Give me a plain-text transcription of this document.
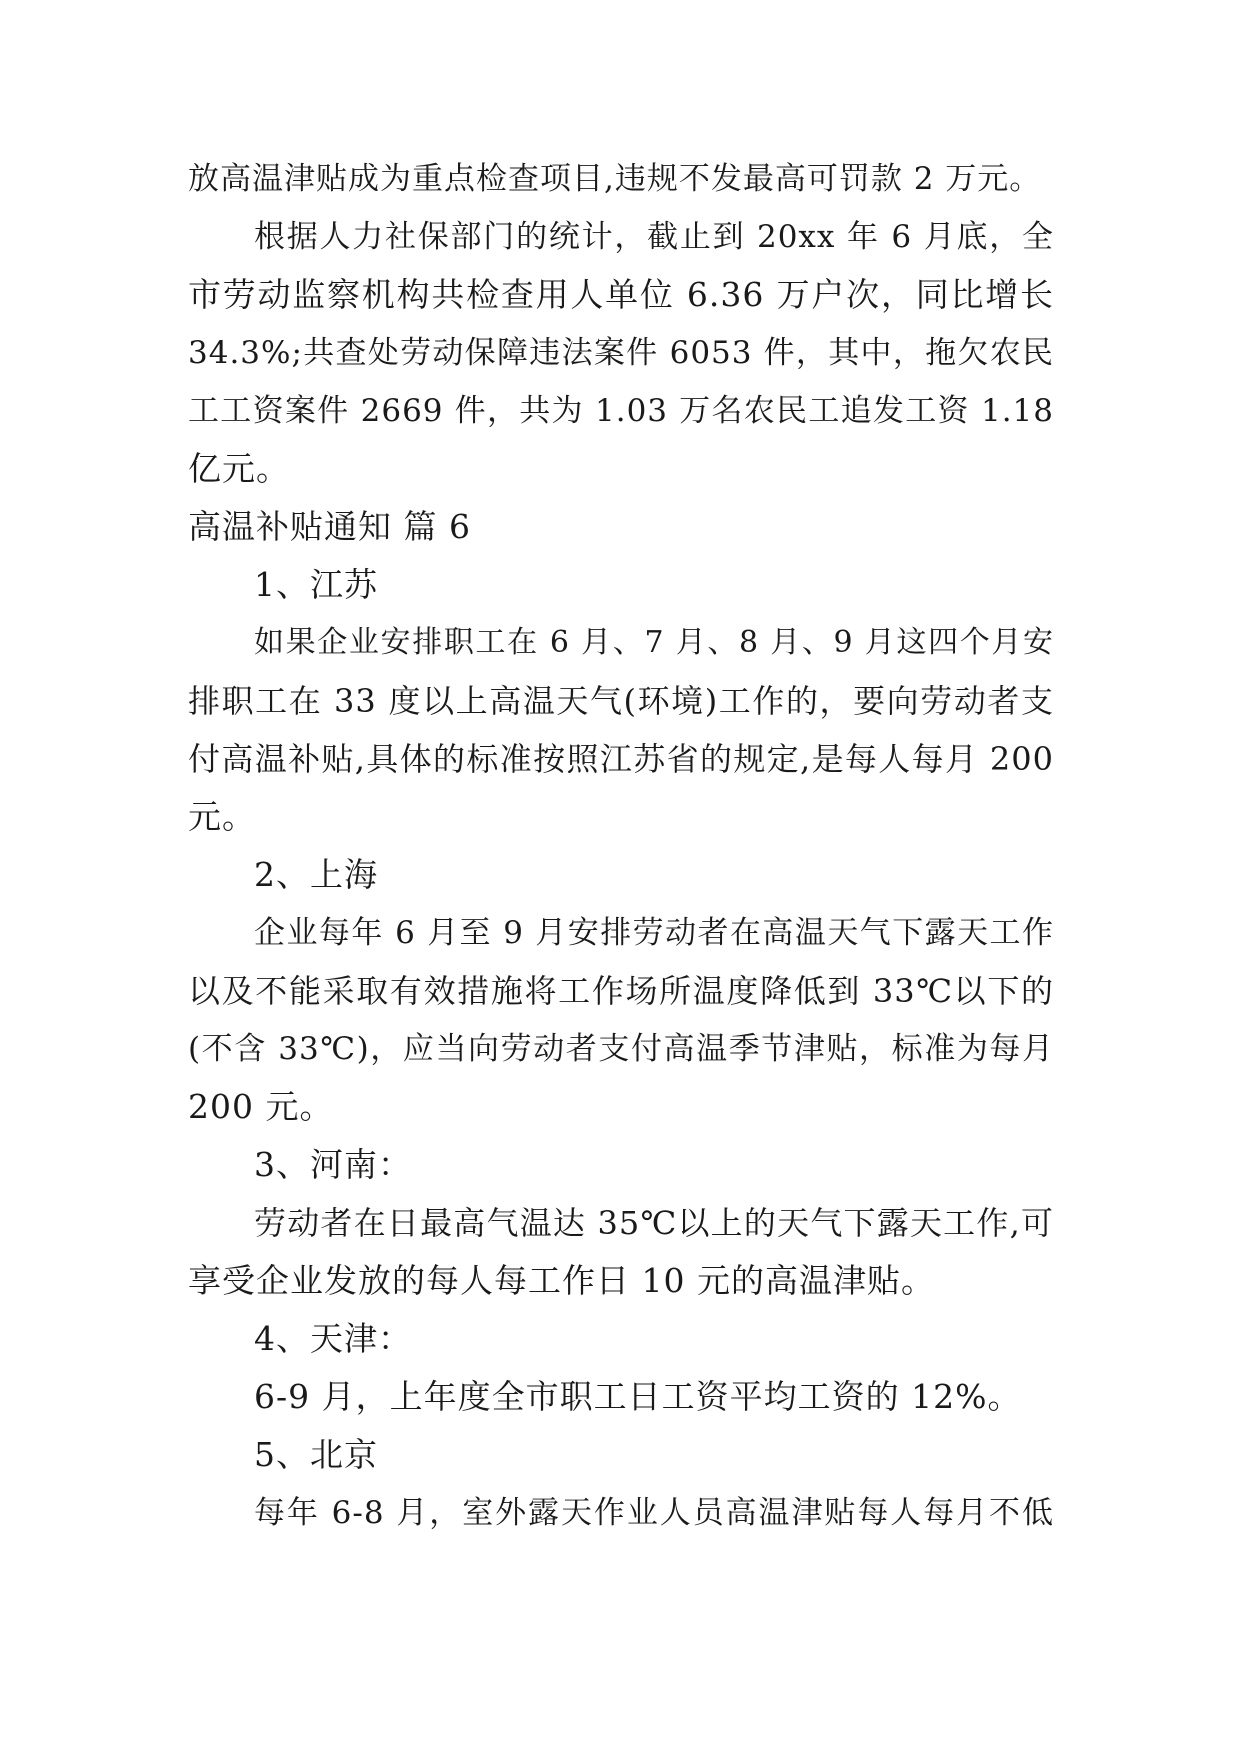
放高温津贴成为重点检查项目,违规不发最高可罚款 2 万元。
根据人力社保部门的统计，截止到 20xx 年 6 月底，全
市劳动监察机构共检查用人单位 6.36 万户次，同比增长
34.3%;共查处劳动保障违法案件 6053 件，其中，拖欠农民
工工资案件 2669 件，共为 1.03 万名农民工追发工资 1.18
亿元。
高温补贴通知 篇 6
1、江苏
如果企业安排职工在 6 月、7 月、8 月、9 月这四个月安
排职工在 33 度以上高温天气(环境)工作的，要向劳动者支
付高温补贴,具体的标准按照江苏省的规定,是每人每月 200
元。
2、上海
企业每年 6 月至 9 月安排劳动者在高温天气下露天工作
以及不能采取有效措施将工作场所温度降低到 33℃以下的
(不含 33℃)，应当向劳动者支付高温季节津贴，标准为每月
200 元。
3、河南：
劳动者在日最高气温达 35℃以上的天气下露天工作,可
享受企业发放的每人每工作日 10 元的高温津贴。
4、天津：
6-9 月，上年度全市职工日工资平均工资的 12%。
5、北京
每年 6-8 月，室外露天作业人员高温津贴每人每月不低
